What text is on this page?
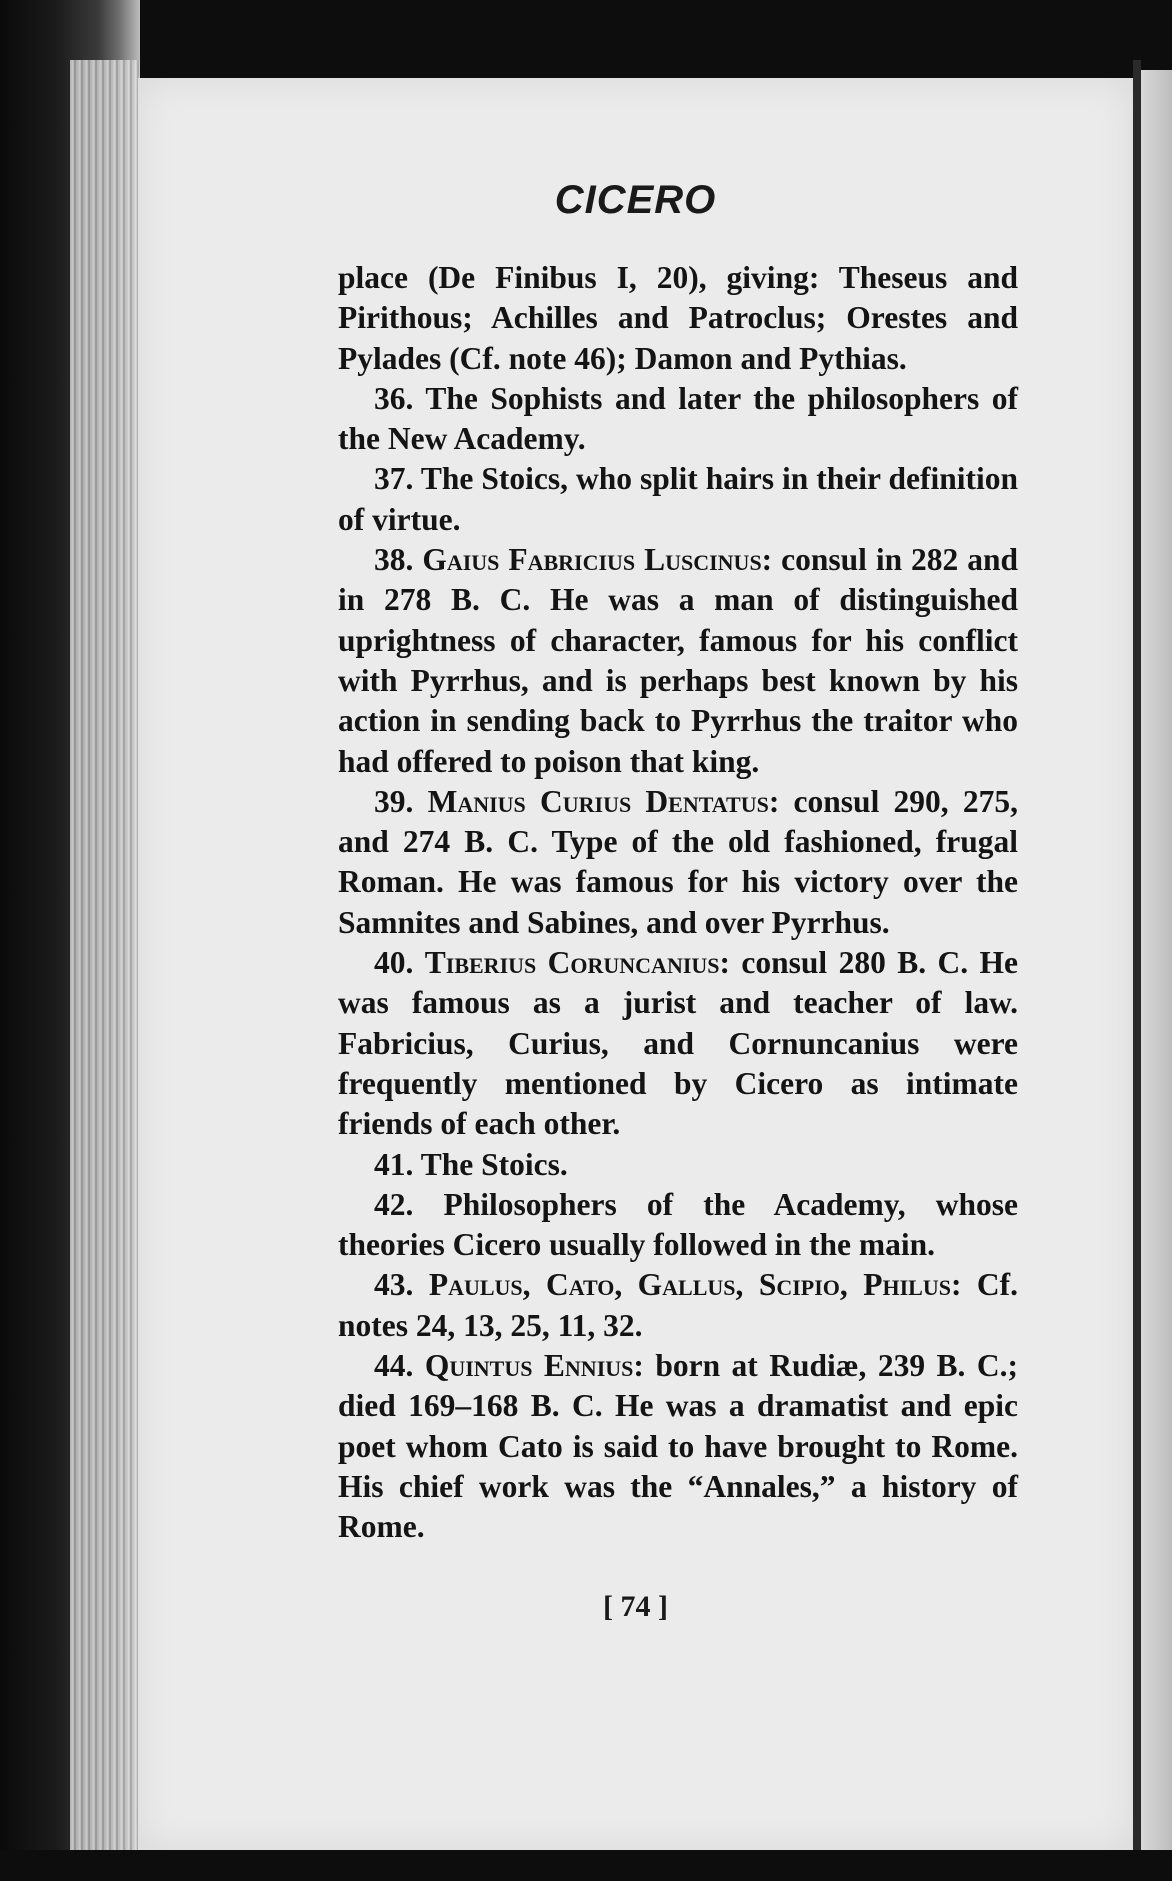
CICERO

place (De Finibus I, 20), giving: Theseus and Pirithous; Achilles and Patroclus; Orestes and Pylades (Cf. note 46); Damon and Pythias.

36. The Sophists and later the philosophers of the New Academy.

37. The Stoics, who split hairs in their definition of virtue.

38. Gaius Fabricius Luscinus: consul in 282 and in 278 B. C. He was a man of distinguished uprightness of character, famous for his conflict with Pyrrhus, and is perhaps best known by his action in sending back to Pyrrhus the traitor who had offered to poison that king.

39. Manius Curius Dentatus: consul 290, 275, and 274 B. C. Type of the old fashioned, frugal Roman. He was famous for his victory over the Samnites and Sabines, and over Pyrrhus.

40. Tiberius Coruncanius: consul 280 B. C. He was famous as a jurist and teacher of law. Fabricius, Curius, and Cornuncanius were frequently mentioned by Cicero as intimate friends of each other.

41. The Stoics.

42. Philosophers of the Academy, whose theories Cicero usually followed in the main.

43. Paulus, Cato, Gallus, Scipio, Philus: Cf. notes 24, 13, 25, 11, 32.

44. Quintus Ennius: born at Rudiæ, 239 B. C.; died 169–168 B. C. He was a dramatist and epic poet whom Cato is said to have brought to Rome. His chief work was the “Annales,” a history of Rome.

[ 74 ]
